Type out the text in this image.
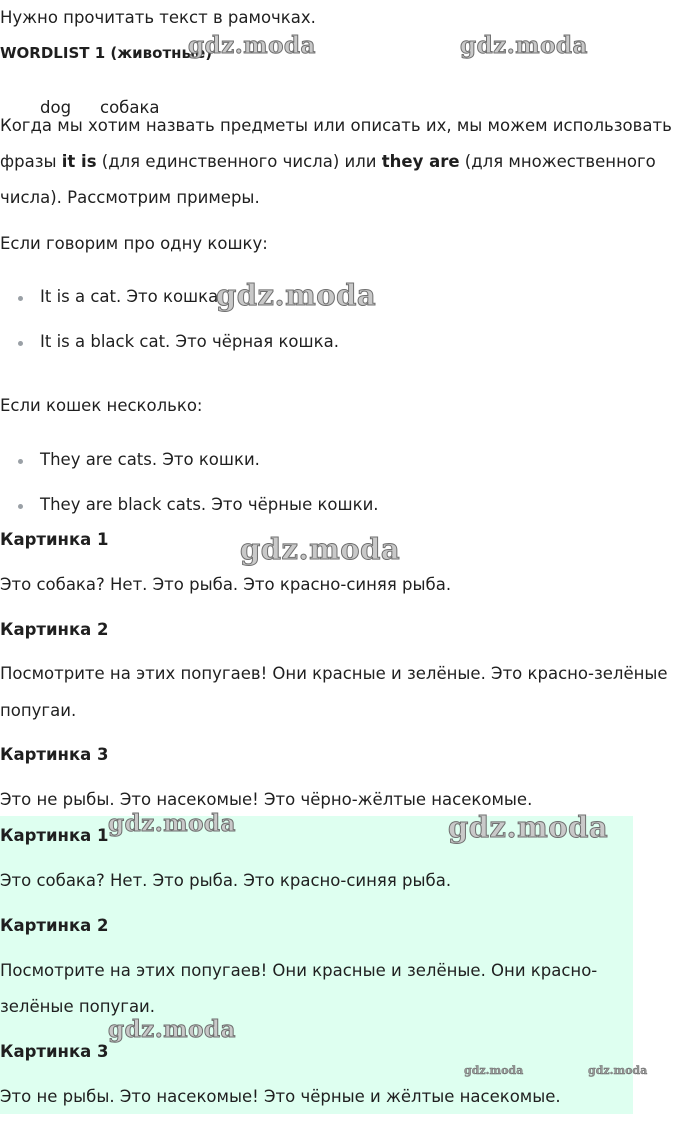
Нужно прочитать текст в рамочках.
WORDLIST 1 (животные)
dog собака
Когда мы хотим назвать предметы или описать их, мы можем использовать
фразы it is (для единственного числа) или they are (для множественного
числа). Рассмотрим примеры.
Если говорим про одну кошку:
It is a cat. Это кошка.
It is a black cat. Это чёрная кошка.
Если кошек несколько:
They are cats. Это кошки.
They are black cats. Это чёрные кошки.
Картинка 1
Это собака? Нет. Это рыба. Это красно-синяя рыба.
Картинка 2
Посмотрите на этих попугаев! Они красные и зелёные. Это красно-зелёные
попугаи.
Картинка 3
Это не рыбы. Это насекомые! Это чёрно-жёлтые насекомые.
Картинка 1
Это собака? Нет. Это рыба. Это красно-синяя рыба.
Картинка 2
Посмотрите на этих попугаев! Они красные и зелёные. Они красно-
зелёные попугаи.
Картинка 3
Это не рыбы. Это насекомые! Это чёрные и жёлтые насекомые.
gdz.moda	gdz.moda
gdz.moda
gdz.moda
gdz.moda	gdz.moda
gdz.moda
gdz.moda	gdz.moda
